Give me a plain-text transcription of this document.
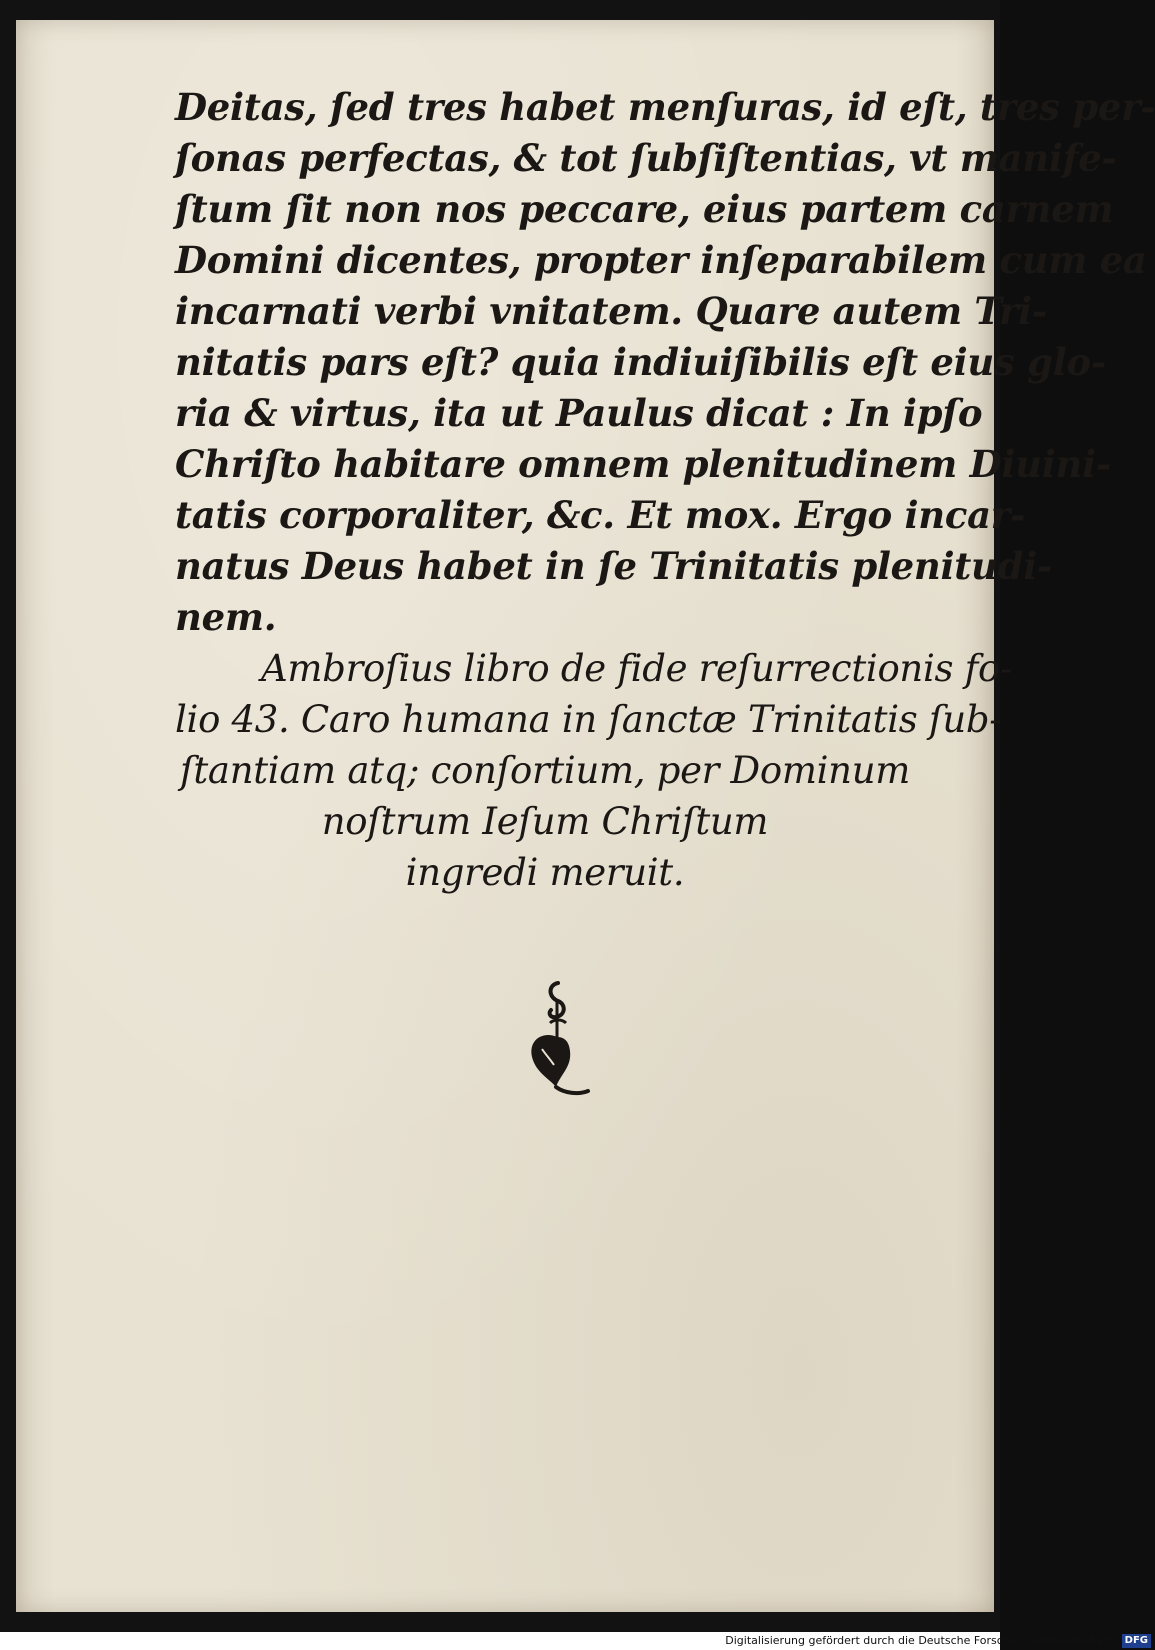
Deitas, ſed tres habet menſuras, id eſt, tres per-
ſonas perfectas, & tot ſubſiſtentias, vt manife-
ſtum ſit non nos peccare, eius partem carnem
Domini dicentes, propter inſeparabilem cum ea
incarnati verbi vnitatem. Quare autem Tri-
nitatis pars eſt? quia indiuiſibilis eſt eius glo-
ria & virtus, ita ut Paulus dicat : In ipſo
Chriſto habitare omnem plenitudinem Diuini-
tatis corporaliter, &c. Et mox. Ergo incar-
natus Deus habet in ſe Trinitatis plenitudi-
nem.
Ambroſius libro de fide reſurrectionis fo-
lio 43. Caro humana in ſanctæ Trinitatis ſub-
ſtantiam atq; conſortium, per Dominum
noſtrum Ieſum Chriſtum
ingredi meruit.
Digitalisierung gefördert durch die Deutsche Forschungsgemeinschaft - DFG
